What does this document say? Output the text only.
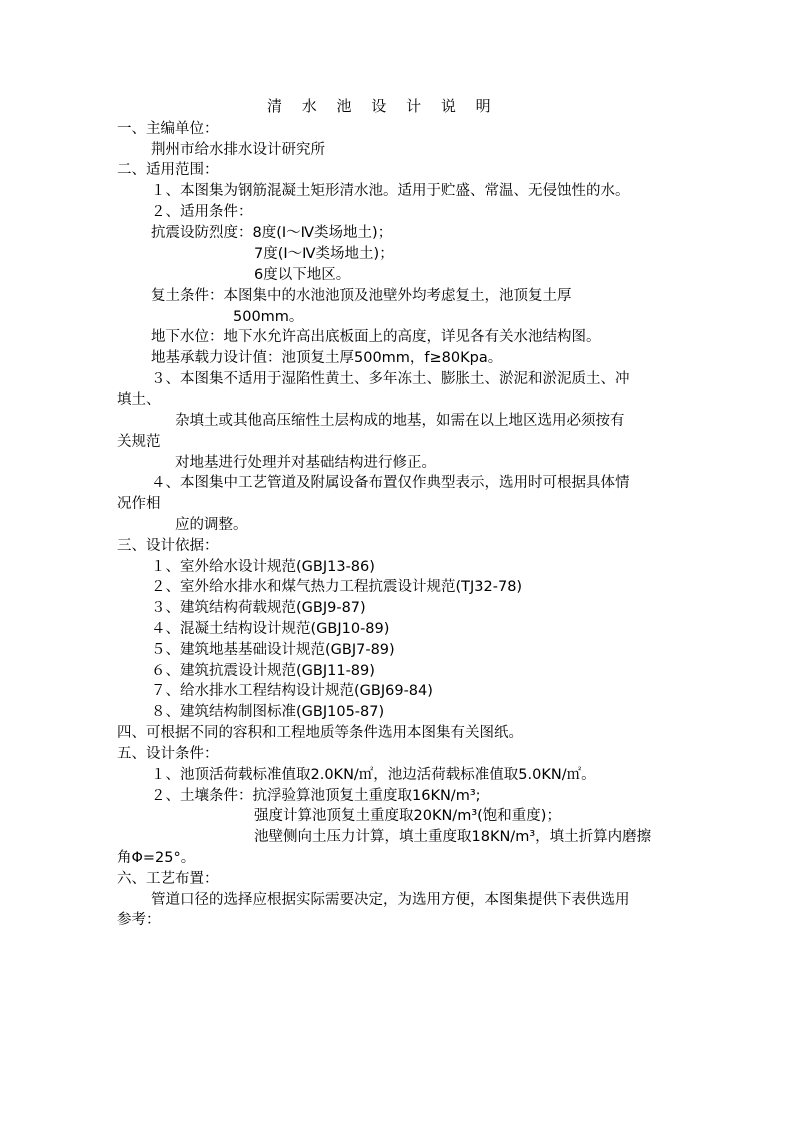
清　 水　 池　 设　 计　 说　 明
一、主编单位：
荆州市给水排水设计研究所
二、适用范围：
１、本图集为钢筋混凝土矩形清水池。适用于贮盛、常温、无侵蚀性的水。
２、适用条件：
抗震设防烈度：8度(Ⅰ～Ⅳ类场地土)；
7度(Ⅰ～Ⅳ类场地土)；
6度以下地区。
复土条件：本图集中的水池池顶及池壁外均考虑复土，池顶复土厚
500mm。
地下水位：地下水允许高出底板面上的高度，详见各有关水池结构图。
地基承载力设计值：池顶复土厚500mm，f≥80Kpa。
３、本图集不适用于湿陷性黄土、多年冻土、膨胀土、淤泥和淤泥质土、冲
填土、
杂填土或其他高压缩性土层构成的地基，如需在以上地区选用必须按有
关规范
对地基进行处理并对基础结构进行修正。
４、本图集中工艺管道及附属设备布置仅作典型表示，选用时可根据具体情
况作相
应的调整。
三、设计依据：
１、室外给水设计规范(GBJ13-86)
２、室外给水排水和煤气热力工程抗震设计规范(TJ32-78)
３、建筑结构荷载规范(GBJ9-87)
４、混凝土结构设计规范(GBJ10-89)
５、建筑地基基础设计规范(GBJ7-89)
６、建筑抗震设计规范(GBJ11-89)
７、给水排水工程结构设计规范(GBJ69-84)
８、建筑结构制图标准(GBJ105-87)
四、可根据不同的容积和工程地质等条件选用本图集有关图纸。
五、设计条件：
１、池顶活荷载标准值取2.0KN/㎡，池边活荷载标准值取5.0KN/㎡。
２、土壤条件：抗浮验算池顶复土重度取16KN/m³;
强度计算池顶复土重度取20KN/m³(饱和重度)；
池壁侧向土压力计算，填土重度取18KN/m³，填土折算内磨擦
角Φ=25°。
六、工艺布置：
管道口径的选择应根据实际需要决定，为选用方便，本图集提供下表供选用
参考：
